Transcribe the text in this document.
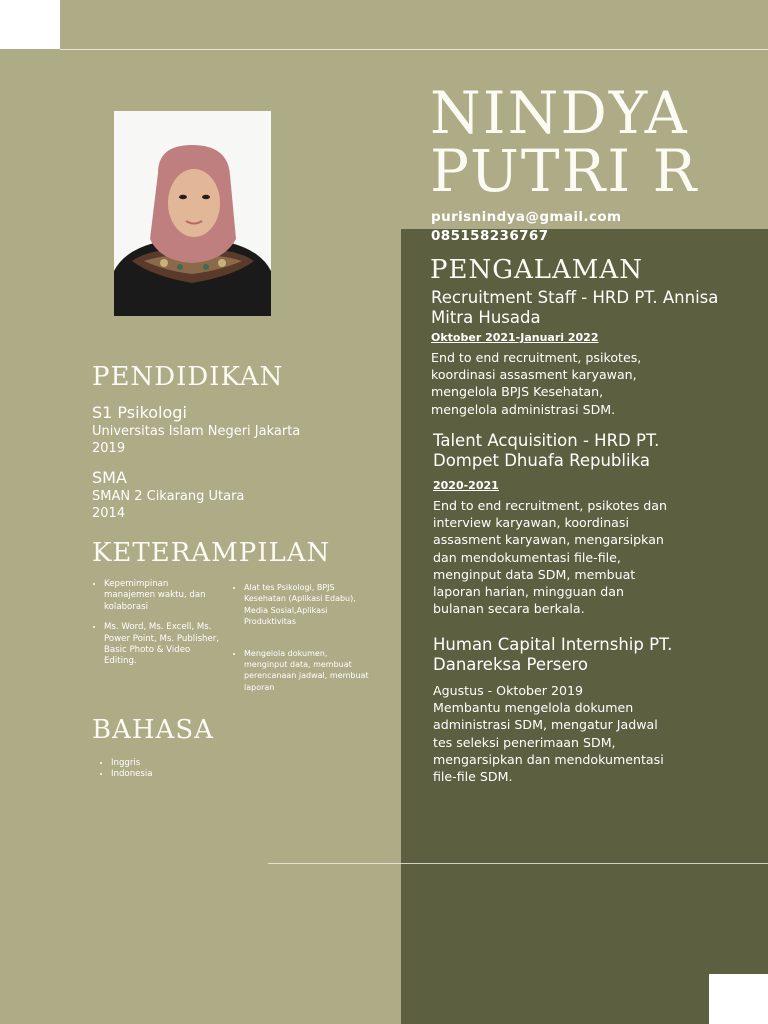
NINDYA
PUTRI R
purisnindya@gmail.com
085158236767
PENDIDIKAN

S1 Psikologi

Universitas Islam Negeri Jakarta

2019

SMA

SMAN 2 Cikarang Utara

2014

KETERAMPILAN
• Kepemimpinan manajemen waktu, dan kolaborasi
• Ms. Word, Ms. Excell, Ms. Power Point, Ms. Publisher, Basic Photo & Video Editing.
• Alat tes Psikologi, BPJS Kesehatan (Aplikasi Edabu), Media Sosial,Aplikasi Produktivitas
• Mengelola dokumen, menginput data, membuat perencanaan jadwal, membuat laporan
BAHASA
• Inggris
• Indonesia
PENGALAMAN
Recruitment Staff - HRD PT. Annisa Mitra Husada
Oktober 2021-Januari 2022
End to end recruitment, psikotes, koordinasi assasment karyawan, mengelola BPJS Kesehatan, mengelola administrasi SDM.
Talent Acquisition - HRD PT. Dompet Dhuafa Republika
2020-2021
End to end recruitment, psikotes dan interview karyawan, koordinasi assasment karyawan, mengarsipkan dan mendokumentasi file-file, menginput data SDM, membuat laporan harian, mingguan dan bulanan secara berkala.
Human Capital Internship PT. Danareksa Persero
Agustus - Oktober 2019
Membantu mengelola dokumen administrasi SDM, mengatur Jadwal tes seleksi penerimaan SDM, mengarsipkan dan mendokumentasi file-file SDM.
